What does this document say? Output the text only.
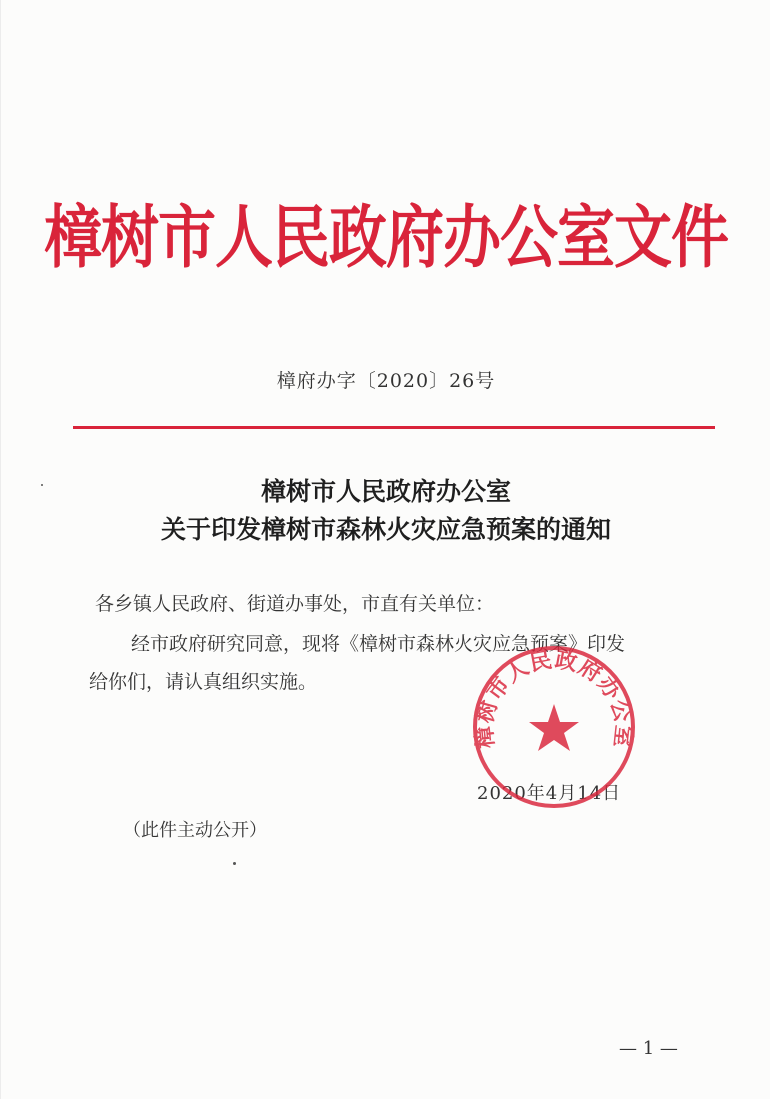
樟树市人民政府办公室文件
樟府办字〔2020〕26号
樟树市人民政府办公室
关于印发樟树市森林火灾应急预案的通知
各乡镇人民政府、街道办事处，市直有关单位：
经市政府研究同意，现将《樟树市森林火灾应急预案》印发
给你们，请认真组织实施。
2020年4月14日
樟树市人民政府办公室
（此件主动公开）
— 1 —
